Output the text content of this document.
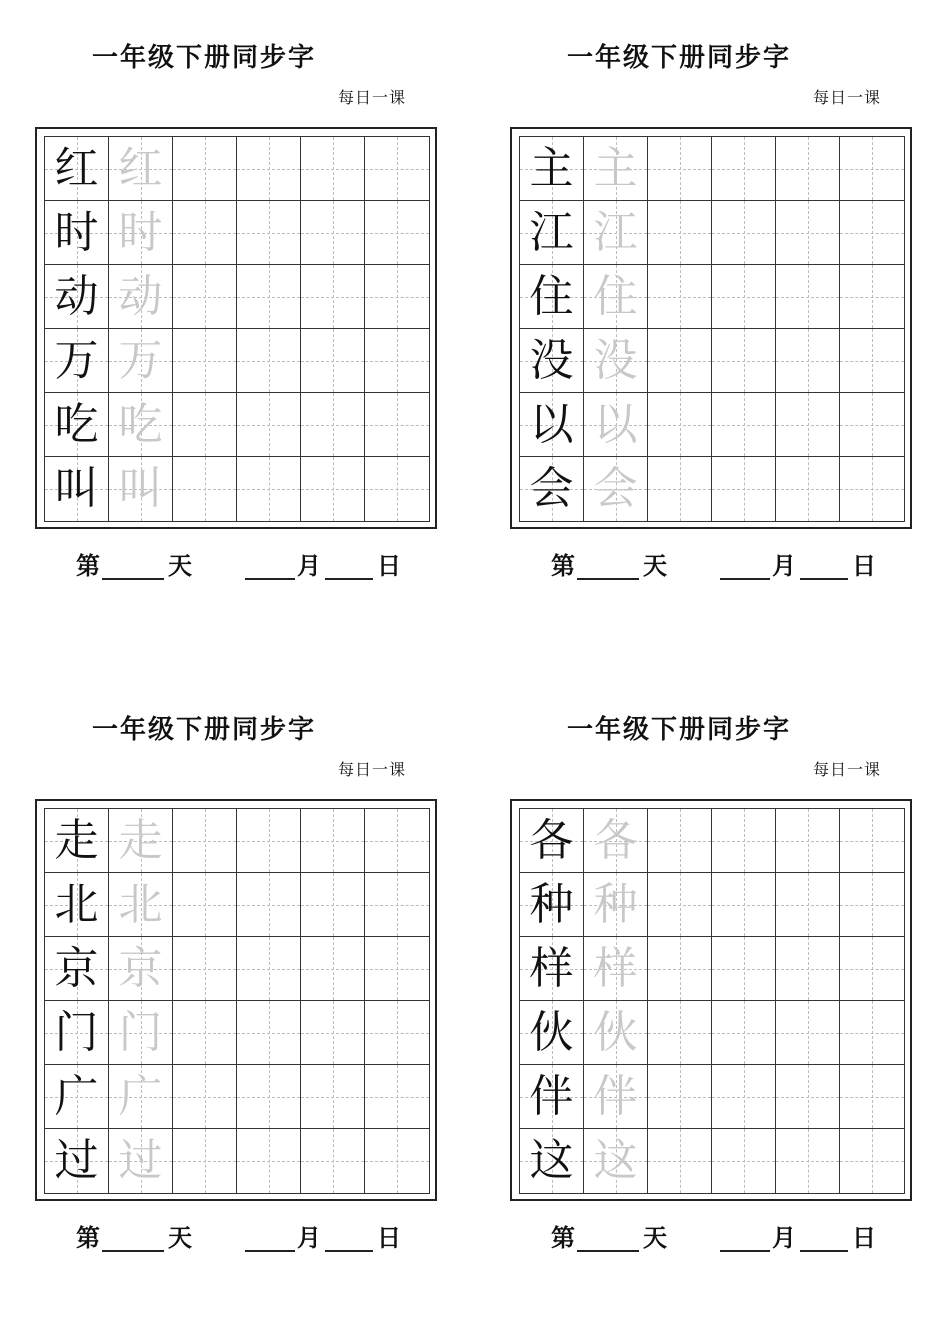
一年级下册同步字
每日一课
红 红
时 时
动 动
万 万
吃 吃
叫 叫
第	天	月 日
一年级下册同步字
每日一课
主 主
江 江
住 住
没 没
以 以
会 会
第	天	月 日
一年级下册同步字
每日一课
走 走
北 北
京 京
门 门
广 广
过 过
第	天	月 日
一年级下册同步字
每日一课
各 各
种 种
样 样
伙 伙
伴 伴
这 这
第	天	月 日
